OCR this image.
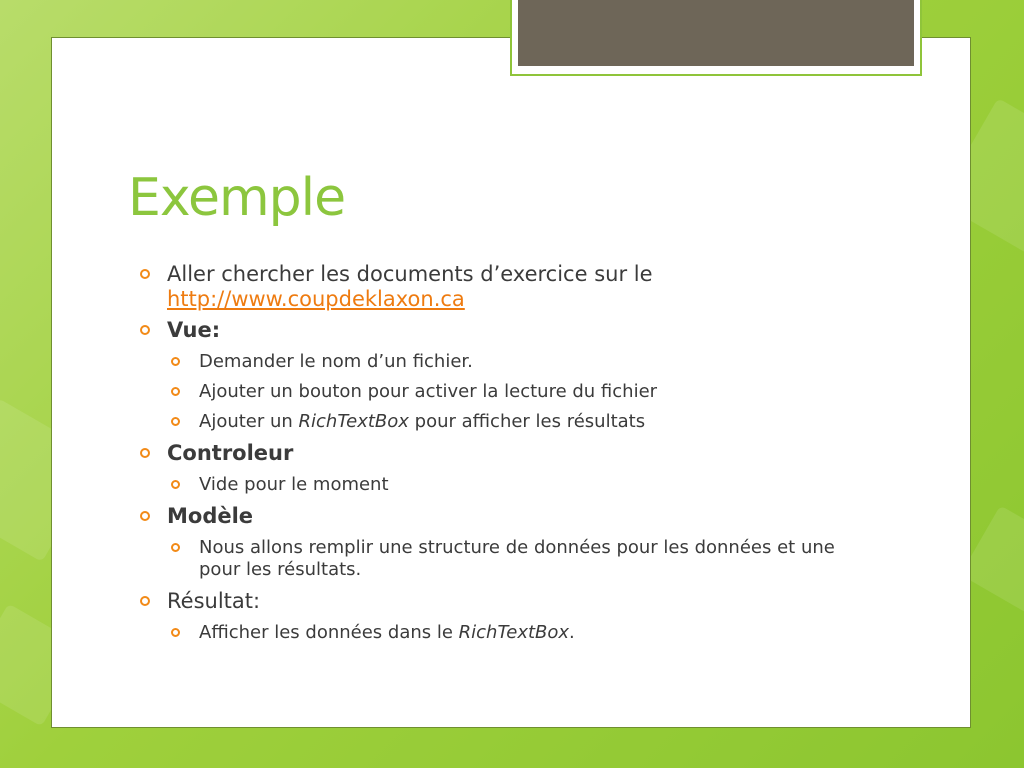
Exemple
Aller chercher les documents d’exercice sur le
http://www.coupdeklaxon.ca
Vue:
Demander le nom d’un fichier.
Ajouter un bouton pour activer la lecture du fichier
Ajouter un RichTextBox pour afficher les résultats
Controleur
Vide pour le moment
Modèle
Nous allons remplir une structure de données pour les données et une pour les résultats.
Résultat:
Afficher les données dans le RichTextBox.
